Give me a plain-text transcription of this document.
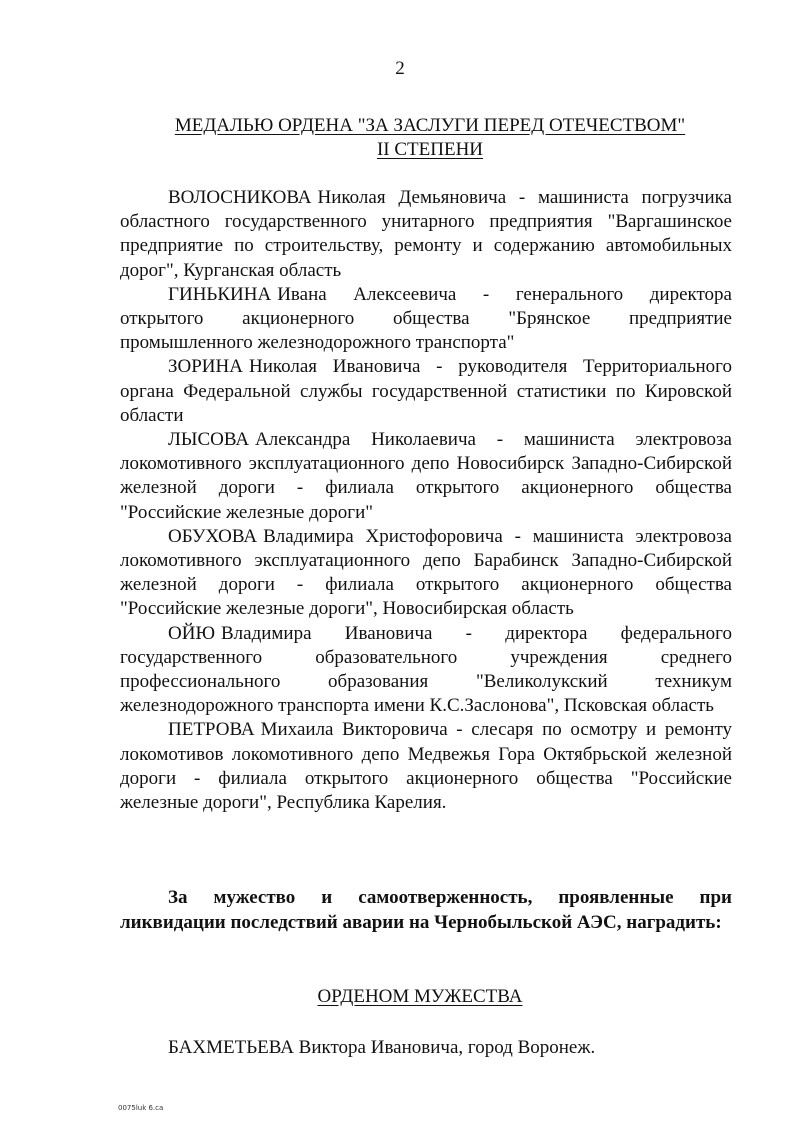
2
МЕДАЛЬЮ ОРДЕНА "ЗА ЗАСЛУГИ ПЕРЕД ОТЕЧЕСТВОМ"
II СТЕПЕНИ
ВОЛОСНИКОВА Николая Демьяновича - машиниста погрузчика областного государственного унитарного предприятия "Варгашинское предприятие по строительству, ремонту и содержанию автомобильных дорог", Курганская область
ГИНЬКИНА Ивана Алексеевича - генерального директора открытого акционерного общества "Брянское предприятие промышленного железнодорожного транспорта"
ЗОРИНА Николая Ивановича - руководителя Территориального органа Федеральной службы государственной статистики по Кировской области
ЛЫСОВА Александра Николаевича - машиниста электровоза локомотивного эксплуатационного депо Новосибирск Западно-Сибирской железной дороги - филиала открытого акционерного общества "Российские железные дороги"
ОБУХОВА Владимира Христофоровича - машиниста электровоза локомотивного эксплуатационного депо Барабинск Западно-Сибирской железной дороги - филиала открытого акционерного общества "Российские железные дороги", Новосибирская область
ОЙЮ Владимира Ивановича - директора федерального государственного образовательного учреждения среднего профессионального образования "Великолукский техникум железнодорожного транспорта имени К.С.Заслонова", Псковская область
ПЕТРОВА Михаила Викторовича - слесаря по осмотру и ремонту локомотивов локомотивного депо Медвежья Гора Октябрьской железной дороги - филиала открытого акционерного общества "Российские железные дороги", Республика Карелия.

За мужество и самоотверженность, проявленные при ликвидации последствий аварии на Чернобыльской АЭС, наградить:

ОРДЕНОМ МУЖЕСТВА

БАХМЕТЬЕВА Виктора Ивановича, город Воронеж.

0075luk 6.ca
